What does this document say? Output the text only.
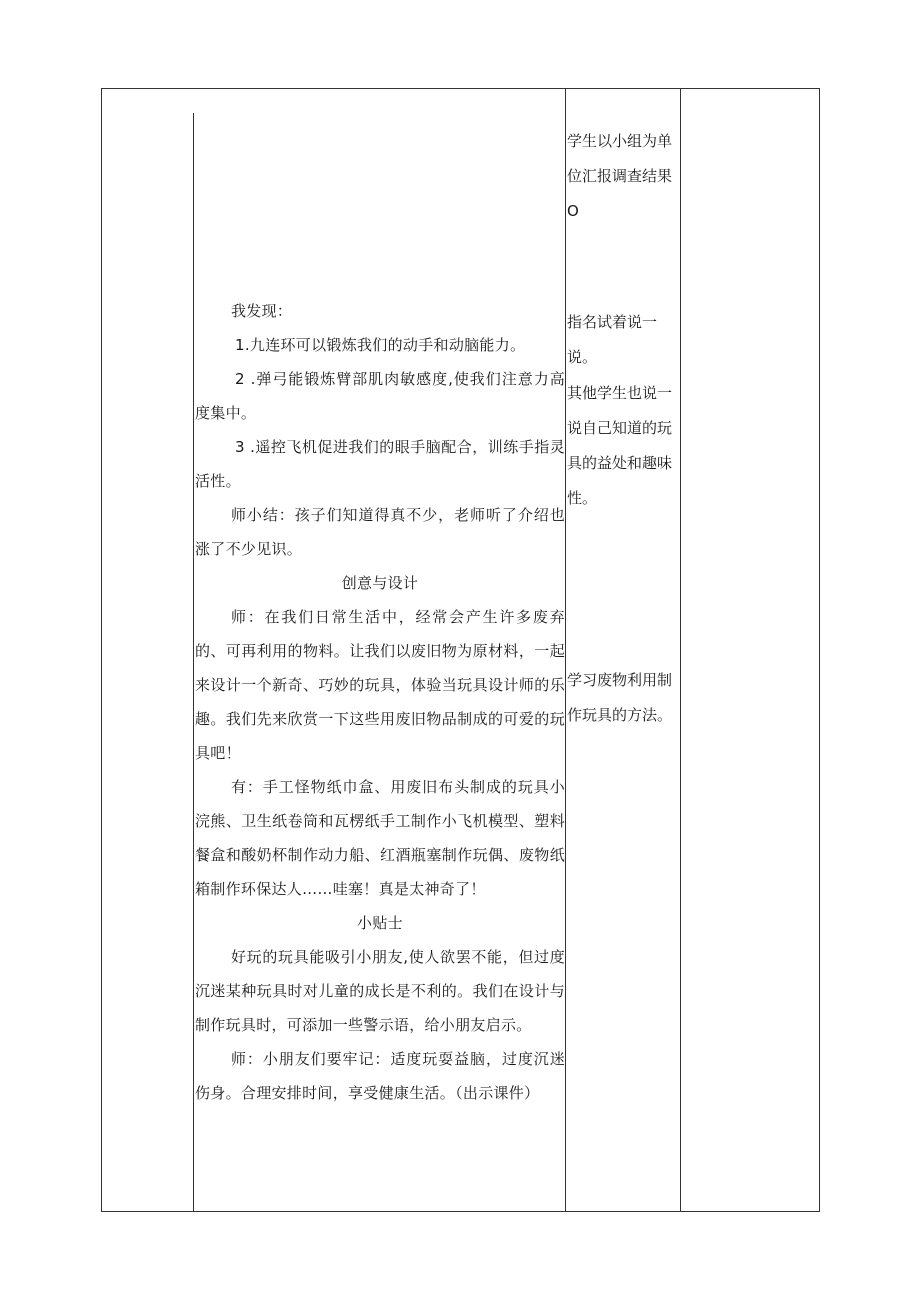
我发现：

1.九连环可以锻炼我们的动手和动脑能力。

2 .弹弓能锻炼臂部肌肉敏感度,使我们注意力高度集中。

3 .遥控飞机促进我们的眼手脑配合，训练手指灵活性。

师小结：孩子们知道得真不少，老师听了介绍也涨了不少见识。

创意与设计

师：在我们日常生活中，经常会产生许多废弃的、可再利用的物料。让我们以废旧物为原材料，一起来设计一个新奇、巧妙的玩具，体验当玩具设计师的乐趣。我们先来欣赏一下这些用废旧物品制成的可爱的玩具吧！

有：手工怪物纸巾盒、用废旧布头制成的玩具小浣熊、卫生纸卷筒和瓦楞纸手工制作小飞机模型、塑料餐盒和酸奶杯制作动力船、红酒瓶塞制作玩偶、废物纸箱制作环保达人……哇塞！真是太神奇了！

小贴士

好玩的玩具能吸引小朋友,使人欲罢不能，但过度沉迷某种玩具时对儿童的成长是不利的。我们在设计与制作玩具时，可添加一些警示语，给小朋友启示。

师：小朋友们要牢记：适度玩耍益脑，过度沉迷伤身。合理安排时间，享受健康生活。（出示课件）

学生以小组为单位汇报调查结果O

指名试着说一说。

其他学生也说一说自己知道的玩具的益处和趣味性。

学习废物利用制作玩具的方法。
